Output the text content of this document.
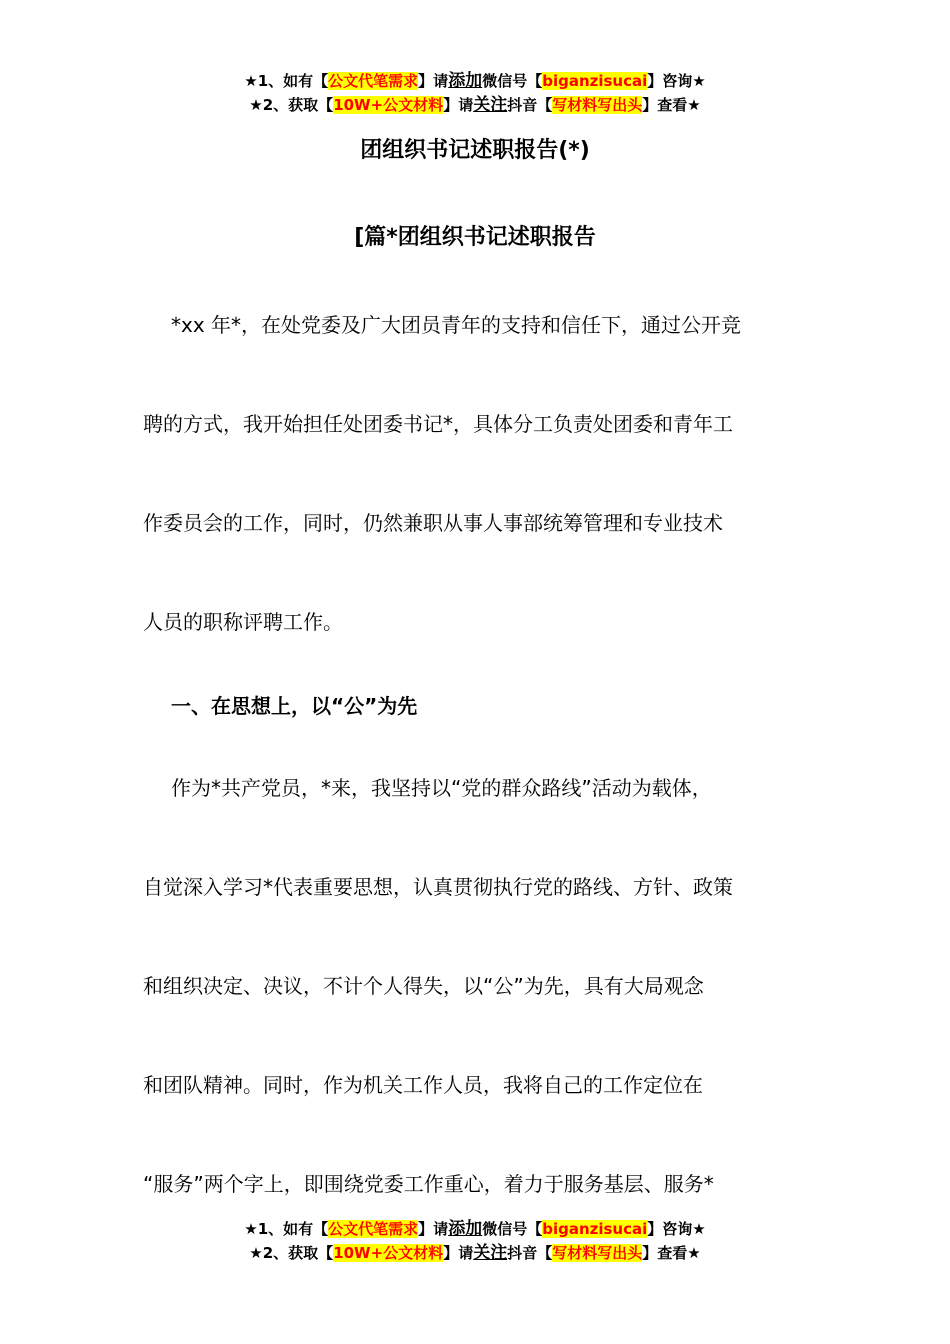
★1、如有【公文代笔需求】请添加微信号【biganzisucai】咨询★
★2、获取【10W+公文材料】请关注抖音【写材料写出头】查看★
团组织书记述职报告(*)
[篇*团组织书记述职报告
*xx 年*，在处党委及广大团员青年的支持和信任下，通过公开竞
聘的方式，我开始担任处团委书记*，具体分工负责处团委和青年工
作委员会的工作，同时，仍然兼职从事人事部统筹管理和专业技术
人员的职称评聘工作。
一、在思想上，以“公”为先
作为*共产党员，*来，我坚持以“党的群众路线”活动为载体，
自觉深入学习*代表重要思想，认真贯彻执行党的路线、方针、政策
和组织决定、决议，不计个人得失，以“公”为先，具有大局观念
和团队精神。同时，作为机关工作人员，我将自己的工作定位在
“服务”两个字上，即围绕党委工作重心，着力于服务基层、服务*
★1、如有【公文代笔需求】请添加微信号【biganzisucai】咨询★
★2、获取【10W+公文材料】请关注抖音【写材料写出头】查看★
